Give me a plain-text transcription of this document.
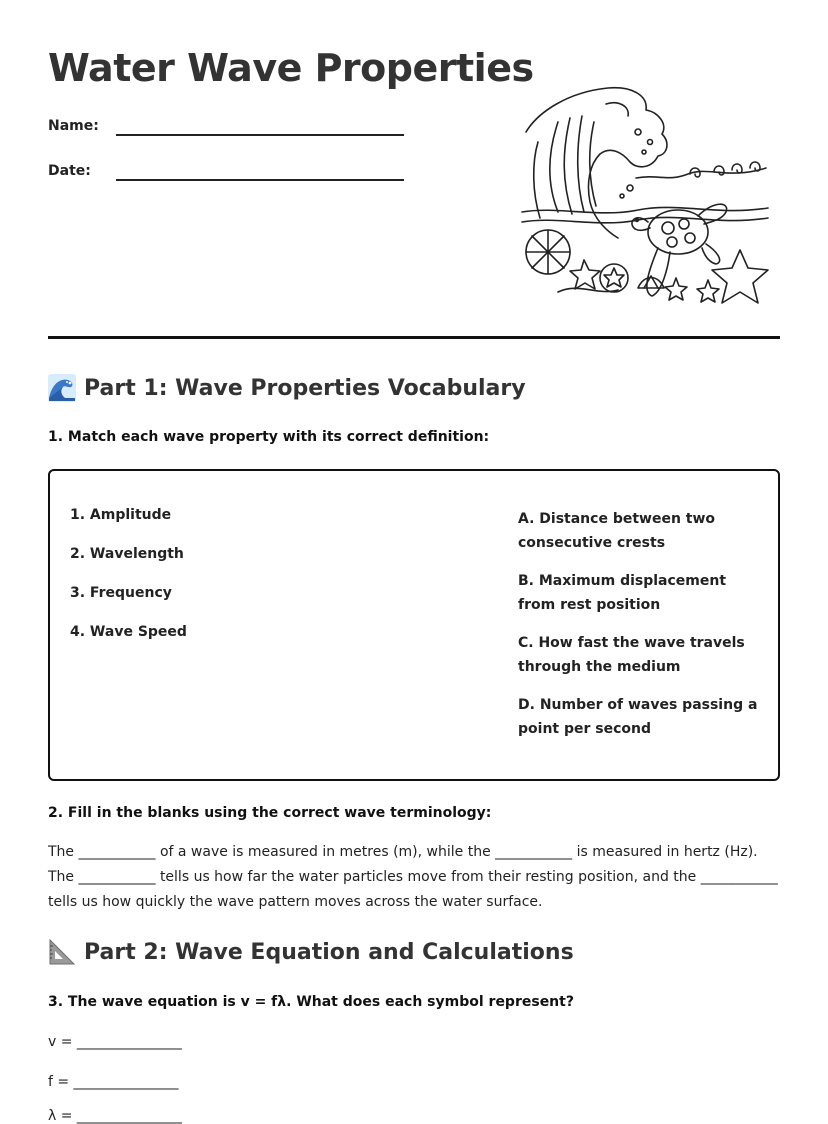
Water Wave Properties
Name:
Date:
Part 1: Wave Properties Vocabulary

1. Match each wave property with its correct definition:

1. Amplitude
2. Wavelength
3. Frequency
4. Wave Speed
A. Distance between two consecutive crests
B. Maximum displacement from rest position
C. How fast the wave travels through the medium
D. Number of waves passing a point per second

2. Fill in the blanks using the correct wave terminology:

The ___________ of a wave is measured in metres (m), while the ___________ is measured in hertz (Hz). The ___________ tells us how far the water particles move from their resting position, and the ___________ tells us how quickly the wave pattern moves across the water surface.

Part 2: Wave Equation and Calculations

3. The wave equation is v = fλ. What does each symbol represent?

v = _______________
f = _______________
λ = _______________
